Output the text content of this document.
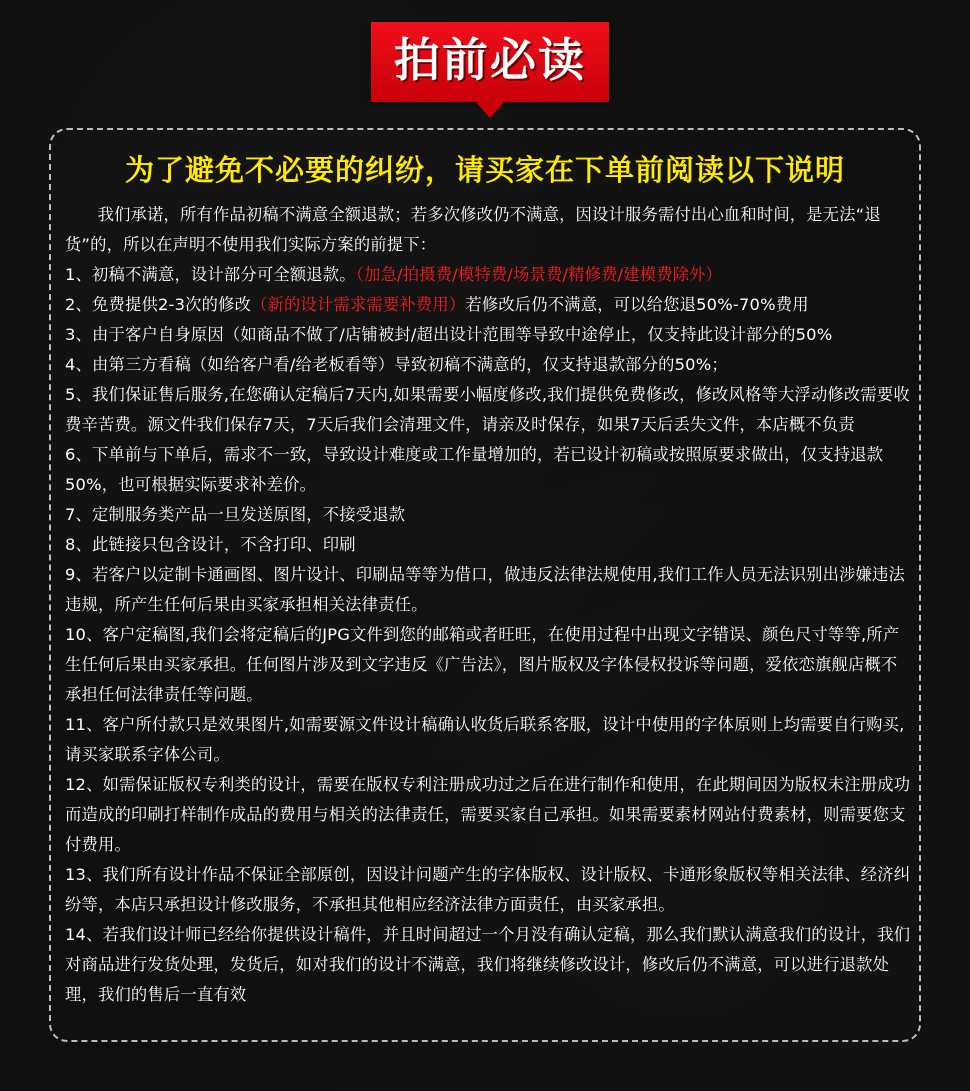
拍前必读
为了避免不必要的纠纷，请买家在下单前阅读以下说明

我们承诺，所有作品初稿不满意全额退款；若多次修改仍不满意，因设计服务需付出心血和时间，是无法“退货”的，所以在声明不使用我们实际方案的前提下：

1、初稿不满意，设计部分可全额退款。（加急/拍摄费/模特费/场景费/精修费/建模费除外）

2、免费提供2-3次的修改（新的设计需求需要补费用）若修改后仍不满意，可以给您退50%-70%费用

3、由于客户自身原因（如商品不做了/店铺被封/超出设计范围等导致中途停止，仅支持此设计部分的50%

4、由第三方看稿（如给客户看/给老板看等）导致初稿不满意的，仅支持退款部分的50%；

5、我们保证售后服务,在您确认定稿后7天内,如果需要小幅度修改,我们提供免费修改，修改风格等大浮动修改需要收费辛苦费。源文件我们保存7天，7天后我们会清理文件，请亲及时保存，如果7天后丢失文件，本店概不负责

6、下单前与下单后，需求不一致，导致设计难度或工作量增加的，若已设计初稿或按照原要求做出，仅支持退款50%，也可根据实际要求补差价。

7、定制服务类产品一旦发送原图，不接受退款

8、此链接只包含设计，不含打印、印刷

9、若客户以定制卡通画图、图片设计、印刷品等等为借口，做违反法律法规使用,我们工作人员无法识别出涉嫌违法违规，所产生任何后果由买家承担相关法律责任。

10、客户定稿图,我们会将定稿后的JPG文件到您的邮箱或者旺旺，在使用过程中出现文字错误、颜色尺寸等等,所产生任何后果由买家承担。任何图片涉及到文字违反《广告法》，图片版权及字体侵权投诉等问题，爱依恋旗舰店概不承担任何法律责任等问题。

11、客户所付款只是效果图片,如需要源文件设计稿确认收货后联系客服，设计中使用的字体原则上均需要自行购买,请买家联系字体公司。

12、如需保证版权专利类的设计，需要在版权专利注册成功过之后在进行制作和使用，在此期间因为版权未注册成功而造成的印刷打样制作成品的费用与相关的法律责任，需要买家自己承担。如果需要素材网站付费素材，则需要您支付费用。

13、我们所有设计作品不保证全部原创，因设计问题产生的字体版权、设计版权、卡通形象版权等相关法律、经济纠纷等，本店只承担设计修改服务，不承担其他相应经济法律方面责任，由买家承担。

14、若我们设计师已经给你提供设计稿件，并且时间超过一个月没有确认定稿，那么我们默认满意我们的设计，我们对商品进行发货处理，发货后，如对我们的设计不满意，我们将继续修改设计，修改后仍不满意，可以进行退款处理，我们的售后一直有效
